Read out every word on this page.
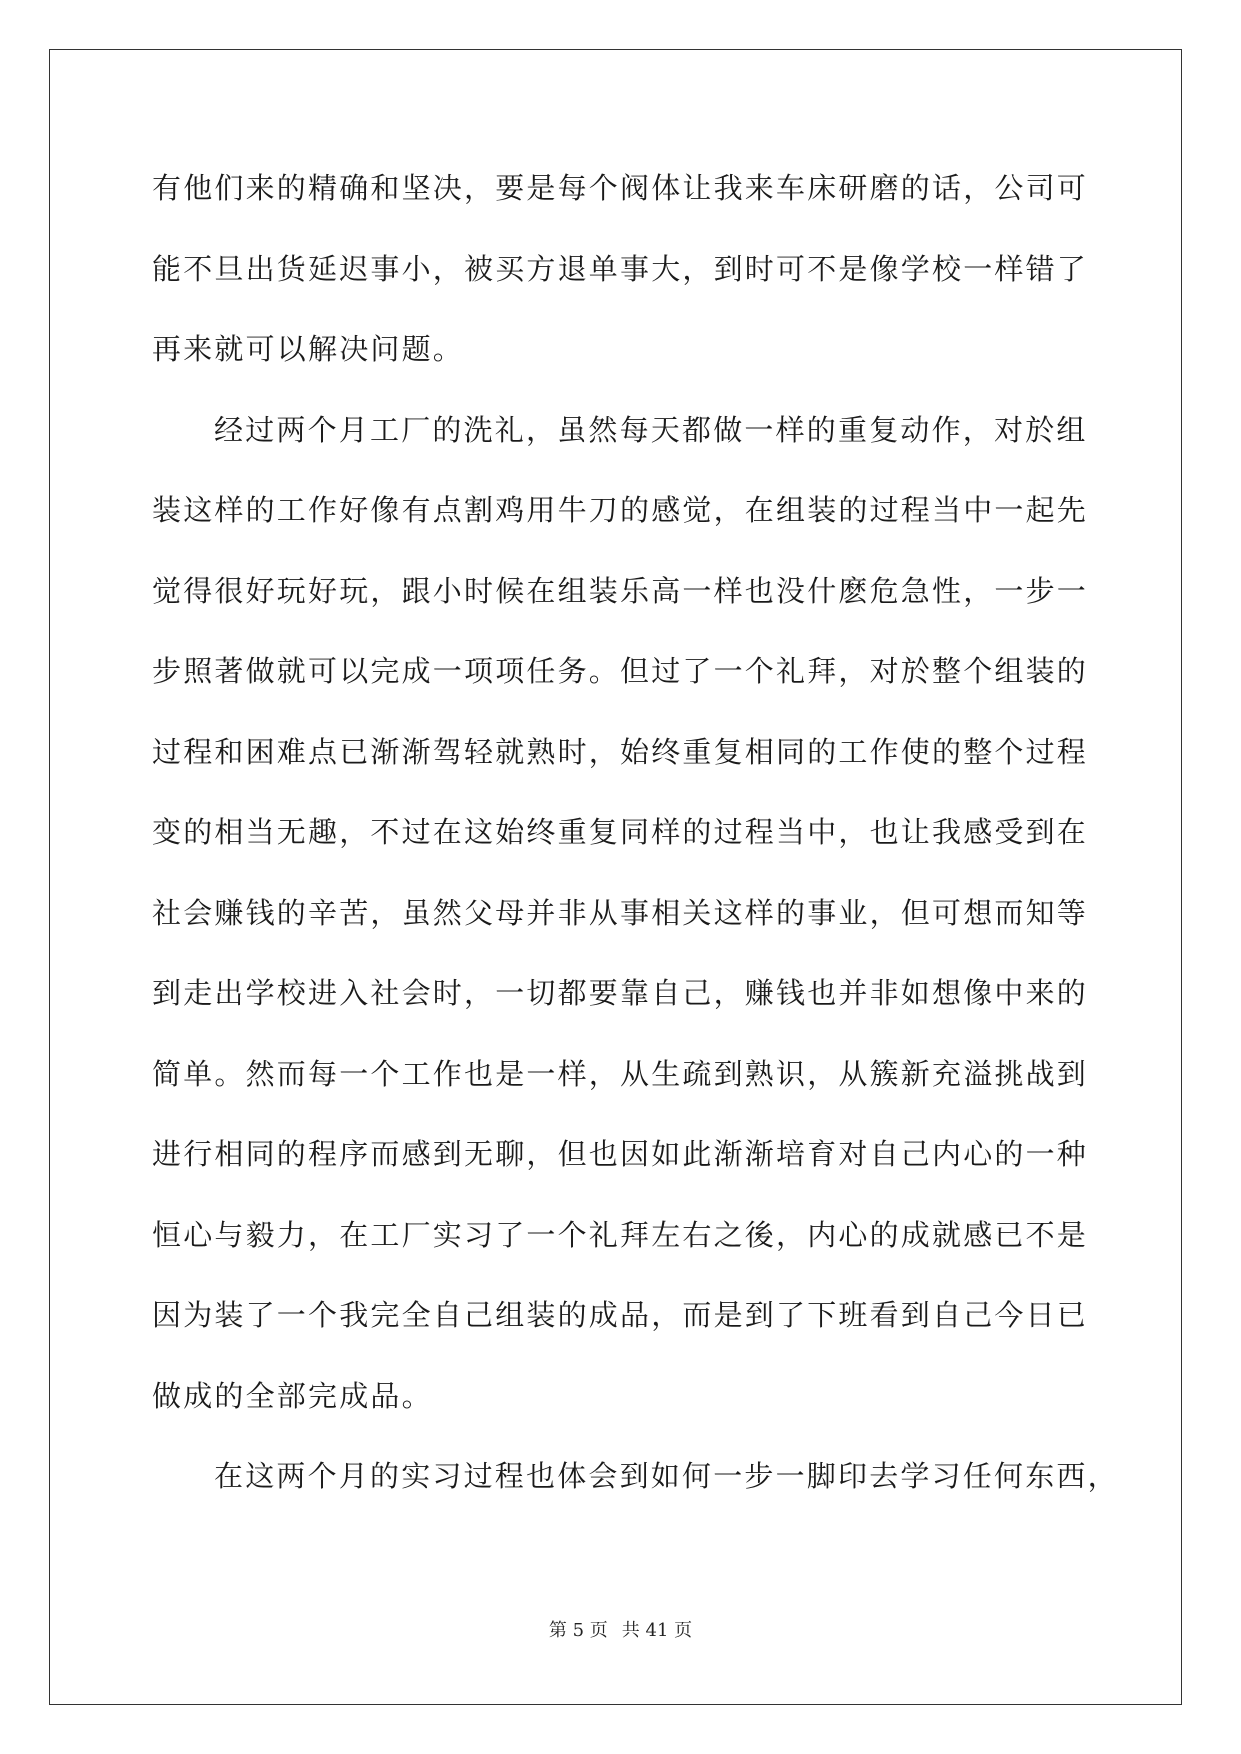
有他们来的精确和坚决，要是每个阀体让我来车床研磨的话，公司可
能不旦出货延迟事小，被买方退单事大，到时可不是像学校一样错了
再来就可以解决问题。
经过两个月工厂的洗礼，虽然每天都做一样的重复动作，对於组
装这样的工作好像有点割鸡用牛刀的感觉，在组装的过程当中一起先
觉得很好玩好玩，跟小时候在组装乐高一样也没什麽危急性，一步一
步照著做就可以完成一项项任务。但过了一个礼拜，对於整个组装的
过程和困难点已渐渐驾轻就熟时，始终重复相同的工作使的整个过程
变的相当无趣，不过在这始终重复同样的过程当中，也让我感受到在
社会赚钱的辛苦，虽然父母并非从事相关这样的事业，但可想而知等
到走出学校进入社会时，一切都要靠自己，赚钱也并非如想像中来的
简单。然而每一个工作也是一样，从生疏到熟识，从簇新充溢挑战到
进行相同的程序而感到无聊，但也因如此渐渐培育对自己内心的一种
恒心与毅力，在工厂实习了一个礼拜左右之後，内心的成就感已不是
因为装了一个我完全自己组装的成品，而是到了下班看到自己今日已
做成的全部完成品。
在这两个月的实习过程也体会到如何一步一脚印去学习任何东西，
第 5 页 共 41 页
